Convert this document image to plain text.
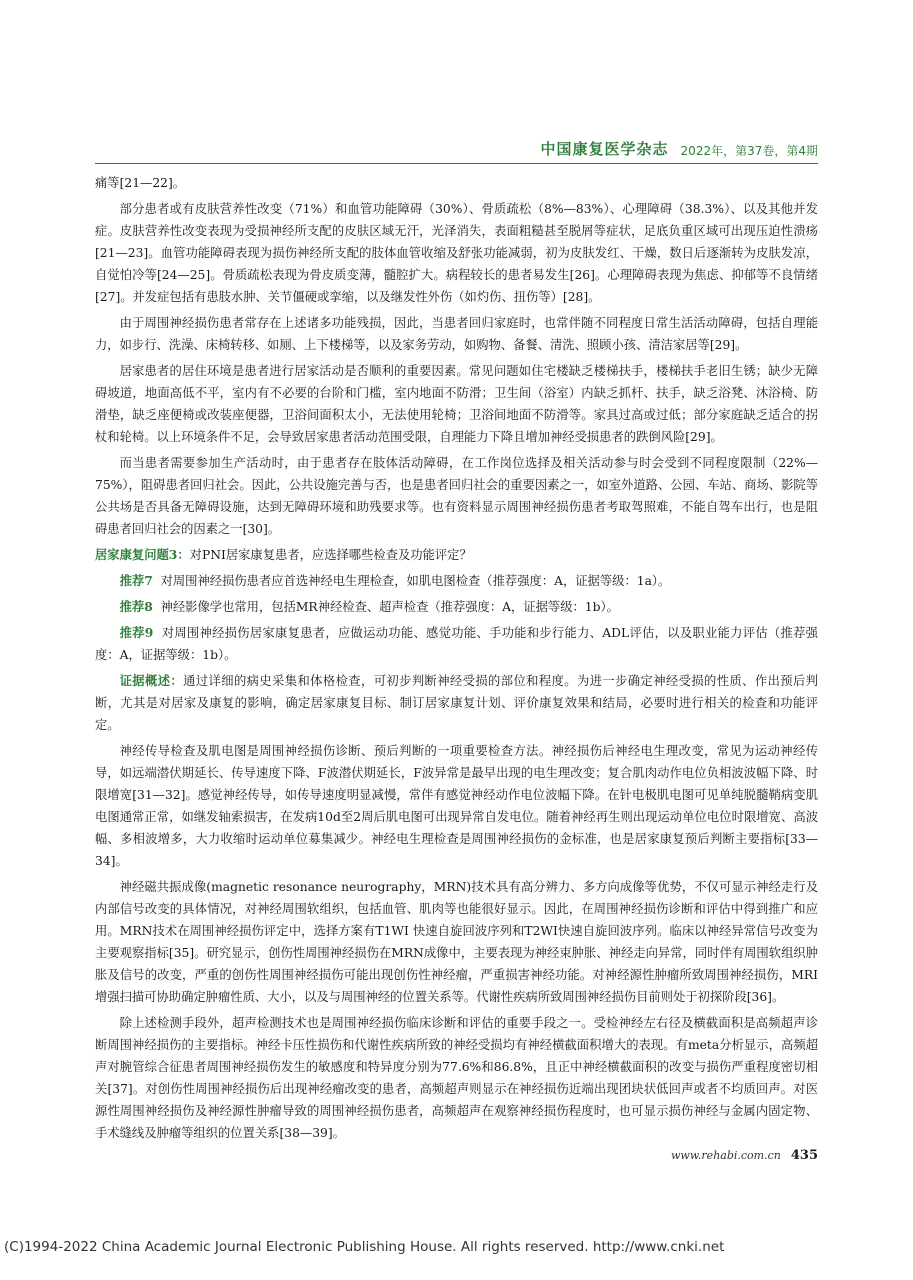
中国康复医学杂志 2022年，第37卷，第4期

痛等[21—22]。

部分患者或有皮肤营养性改变（71%）和血管功能障碍（30%）、骨质疏松（8%—83%）、心理障碍（38.3%）、以及其他并发症。皮肤营养性改变表现为受损神经所支配的皮肤区域无汗，光泽消失，表面粗糙甚至脱屑等症状，足底负重区域可出现压迫性溃疡[21—23]。血管功能障碍表现为损伤神经所支配的肢体血管收缩及舒张功能减弱，初为皮肤发红、干燥，数日后逐渐转为皮肤发凉，自觉怕冷等[24—25]。骨质疏松表现为骨皮质变薄，髓腔扩大。病程较长的患者易发生[26]。心理障碍表现为焦虑、抑郁等不良情绪[27]。并发症包括有患肢水肿、关节僵硬或挛缩，以及继发性外伤（如灼伤、扭伤等）[28]。

由于周围神经损伤患者常存在上述诸多功能残损，因此，当患者回归家庭时，也常伴随不同程度日常生活活动障碍，包括自理能力，如步行、洗澡、床椅转移、如厕、上下楼梯等，以及家务劳动，如购物、备餐、清洗、照顾小孩、清洁家居等[29]。

居家患者的居住环境是患者进行居家活动是否顺利的重要因素。常见问题如住宅楼缺乏楼梯扶手，楼梯扶手老旧生锈；缺少无障碍坡道，地面高低不平，室内有不必要的台阶和门槛，室内地面不防滑；卫生间（浴室）内缺乏抓杆、扶手，缺乏浴凳、沐浴椅、防滑垫，缺乏座便椅或改装座便器，卫浴间面积太小，无法使用轮椅；卫浴间地面不防滑等。家具过高或过低；部分家庭缺乏适合的拐杖和轮椅。以上环境条件不足，会导致居家患者活动范围受限，自理能力下降且增加神经受损患者的跌倒风险[29]。

而当患者需要参加生产活动时，由于患者存在肢体活动障碍，在工作岗位选择及相关活动参与时会受到不同程度限制（22%—75%），阻碍患者回归社会。因此，公共设施完善与否，也是患者回归社会的重要因素之一，如室外道路、公园、车站、商场、影院等公共场是否具备无障碍设施，达到无障碍环境和助残要求等。也有资料显示周围神经损伤患者考取驾照难，不能自驾车出行，也是阻碍患者回归社会的因素之一[30]。

居家康复问题3：对PNI居家康复患者，应选择哪些检查及功能评定？

推荐7 对周围神经损伤患者应首选神经电生理检查，如肌电图检查（推荐强度：A，证据等级：1a）。

推荐8 神经影像学也常用，包括MR神经检查、超声检查（推荐强度：A，证据等级：1b）。

推荐9 对周围神经损伤居家康复患者，应做运动功能、感觉功能、手功能和步行能力、ADL评估，以及职业能力评估（推荐强度：A，证据等级：1b）。

证据概述：通过详细的病史采集和体格检查，可初步判断神经受损的部位和程度。为进一步确定神经受损的性质、作出预后判断，尤其是对居家及康复的影响，确定居家康复目标、制订居家康复计划、评价康复效果和结局，必要时进行相关的检查和功能评定。

神经传导检查及肌电图是周围神经损伤诊断、预后判断的一项重要检查方法。神经损伤后神经电生理改变，常见为运动神经传导，如远端潜伏期延长、传导速度下降、F波潜伏期延长，F波异常是最早出现的电生理改变；复合肌肉动作电位负相波波幅下降、时限增宽[31—32]。感觉神经传导，如传导速度明显减慢，常伴有感觉神经动作电位波幅下降。在针电极肌电图可见单纯脱髓鞘病变肌电图通常正常，如继发轴索损害，在发病10d至2周后肌电图可出现异常自发电位。随着神经再生则出现运动单位电位时限增宽、高波幅、多相波增多，大力收缩时运动单位募集减少。神经电生理检查是周围神经损伤的金标准，也是居家康复预后判断主要指标[33—34]。

神经磁共振成像(magnetic resonance neurography，MRN)技术具有高分辨力、多方向成像等优势，不仅可显示神经走行及内部信号改变的具体情况，对神经周围软组织，包括血管、肌肉等也能很好显示。因此，在周围神经损伤诊断和评估中得到推广和应用。MRN技术在周围神经损伤评定中，选择方案有T1WI 快速自旋回波序列和T2WI快速自旋回波序列。临床以神经异常信号改变为主要观察指标[35]。研究显示，创伤性周围神经损伤在MRN成像中，主要表现为神经束肿胀、神经走向异常，同时伴有周围软组织肿胀及信号的改变，严重的创伤性周围神经损伤可能出现创伤性神经瘤，严重损害神经功能。对神经源性肿瘤所致周围神经损伤，MRI增强扫描可协助确定肿瘤性质、大小，以及与周围神经的位置关系等。代谢性疾病所致周围神经损伤目前则处于初探阶段[36]。

除上述检测手段外，超声检测技术也是周围神经损伤临床诊断和评估的重要手段之一。受检神经左右径及横截面积是高频超声诊断周围神经损伤的主要指标。神经卡压性损伤和代谢性疾病所致的神经受损均有神经横截面积增大的表现。有meta分析显示，高频超声对腕管综合征患者周围神经损伤发生的敏感度和特异度分别为77.6%和86.8%，且正中神经横截面积的改变与损伤严重程度密切相关[37]。对创伤性周围神经损伤后出现神经瘤改变的患者，高频超声则显示在神经损伤近端出现团块状低回声或者不均质回声。对医源性周围神经损伤及神经源性肿瘤导致的周围神经损伤患者，高频超声在观察神经损伤程度时，也可显示损伤神经与金属内固定物、手术缝线及肿瘤等组织的位置关系[38—39]。

www.rehabi.com.cn 435
(C)1994-2022 China Academic Journal Electronic Publishing House. All rights reserved. http://www.cnki.net
